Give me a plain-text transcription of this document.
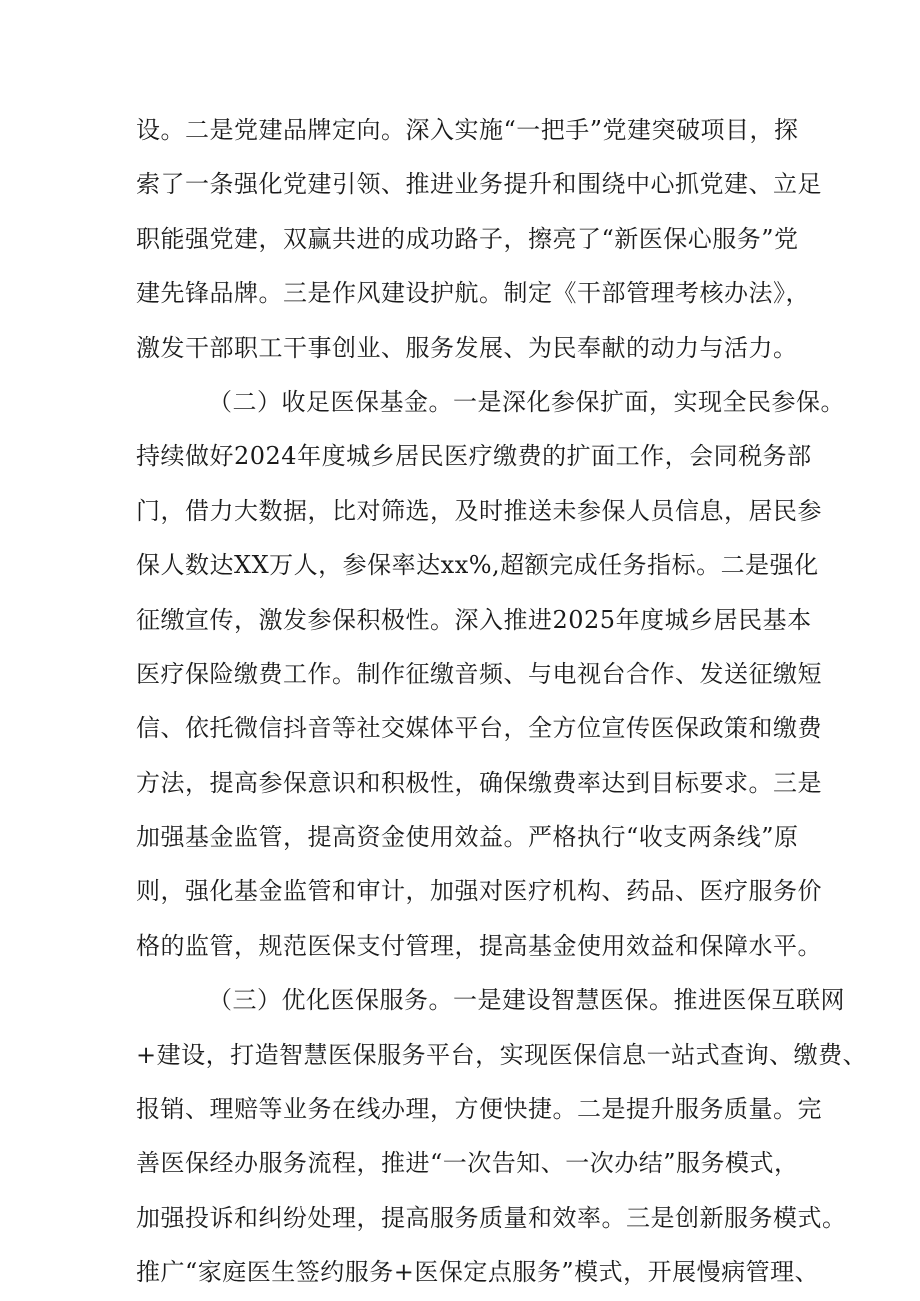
设。二是党建品牌定向。深入实施“一把手”党建突破项目，探
索了一条强化党建引领、推进业务提升和围绕中心抓党建、立足
职能强党建，双赢共进的成功路子，擦亮了“新医保心服务”党
建先锋品牌。三是作风建设护航。制定《干部管理考核办法》，
激发干部职工干事创业、服务发展、为民奉献的动力与活力。
（二）收足医保基金。一是深化参保扩面，实现全民参保。
持续做好2024年度城乡居民医疗缴费的扩面工作，会同税务部
门，借力大数据，比对筛选，及时推送未参保人员信息，居民参
保人数达XX万人，参保率达xx%,超额完成任务指标。二是强化
征缴宣传，激发参保积极性。深入推进2025年度城乡居民基本
医疗保险缴费工作。制作征缴音频、与电视台合作、发送征缴短
信、依托微信抖音等社交媒体平台，全方位宣传医保政策和缴费
方法，提高参保意识和积极性，确保缴费率达到目标要求。三是
加强基金监管，提高资金使用效益。严格执行“收支两条线”原
则，强化基金监管和审计，加强对医疗机构、药品、医疗服务价
格的监管，规范医保支付管理，提高基金使用效益和保障水平。
（三）优化医保服务。一是建设智慧医保。推进医保互联网
+建设，打造智慧医保服务平台，实现医保信息一站式查询、缴费、
报销、理赔等业务在线办理，方便快捷。二是提升服务质量。完
善医保经办服务流程，推进“一次告知、一次办结”服务模式，
加强投诉和纠纷处理，提高服务质量和效率。三是创新服务模式。
推广“家庭医生签约服务+医保定点服务”模式，开展慢病管理、
